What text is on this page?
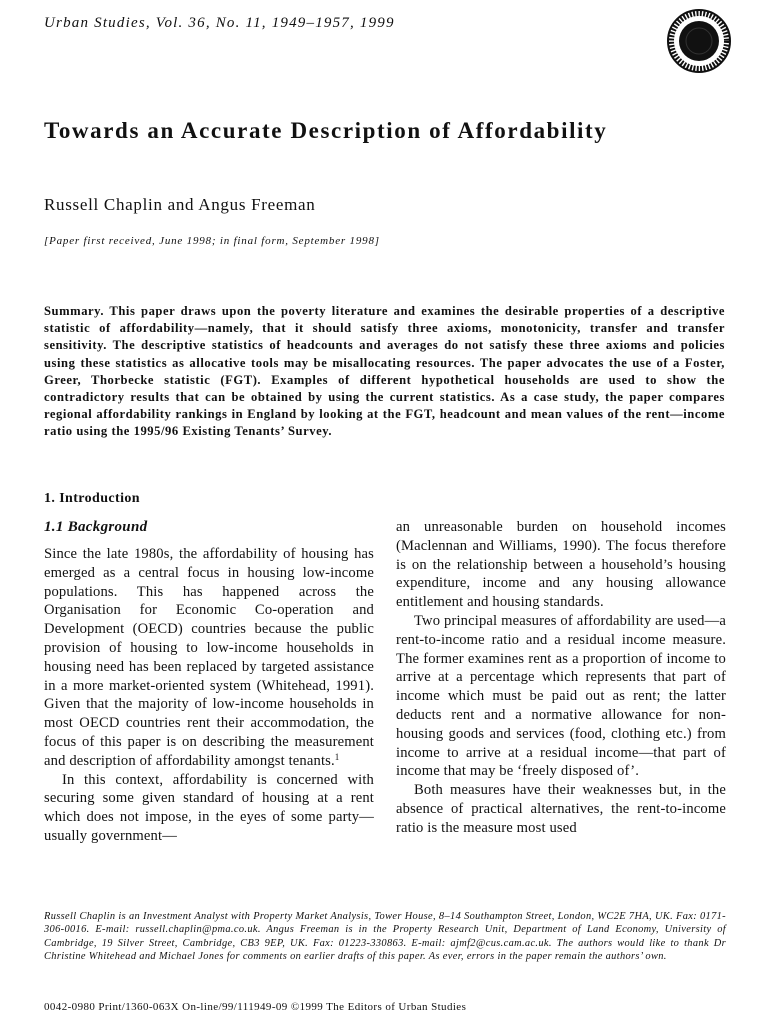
Urban Studies, Vol. 36, No. 11, 1949–1957, 1999
Towards an Accurate Description of Affordability
Russell Chaplin and Angus Freeman
[Paper first received, June 1998; in final form, September 1998]

Summary. This paper draws upon the poverty literature and examines the desirable properties of a descriptive statistic of affordability—namely, that it should satisfy three axioms, monotonicity, transfer and transfer sensitivity. The descriptive statistics of headcounts and averages do not satisfy these three axioms and policies using these statistics as allocative tools may be misallocating resources. The paper advocates the use of a Foster, Greer, Thorbecke statistic (FGT). Examples of different hypothetical households are used to show the contradictory results that can be obtained by using the current statistics. As a case study, the paper compares regional affordability rankings in England by looking at the FGT, headcount and mean values of the rent—income ratio using the 1995/96 Existing Tenants’ Survey.

1. Introduction
1.1 Background

Since the late 1980s, the affordability of housing has emerged as a central focus in housing low-income populations. This has happened across the Organisation for Economic Co-operation and Development (OECD) countries because the public provision of housing to low-income households in housing need has been replaced by targeted assistance in a more market-oriented system (Whitehead, 1991). Given that the majority of low-income households in most OECD countries rent their accommodation, the focus of this paper is on describing the measurement and description of affordability amongst tenants.$^1$

In this context, affordability is concerned with securing some given standard of housing at a rent which does not impose, in the eyes of some party—usually government—

an unreasonable burden on household incomes (Maclennan and Williams, 1990). The focus therefore is on the relationship between a household’s housing expenditure, income and any housing allowance entitlement and housing standards.

Two principal measures of affordability are used—a rent-to-income ratio and a residual income measure. The former examines rent as a proportion of income to arrive at a percentage which represents that part of income which must be paid out as rent; the latter deducts rent and a normative allowance for non-housing goods and services (food, clothing etc.) from income to arrive at a residual income—that part of income that may be ‘freely disposed of’.

Both measures have their weaknesses but, in the absence of practical alternatives, the rent-to-income ratio is the measure most used

Russell Chaplin is an Investment Analyst with Property Market Analysis, Tower House, 8–14 Southampton Street, London, WC2E 7HA, UK. Fax: 0171-306-0016. E-mail: russell.chaplin@pma.co.uk. Angus Freeman is in the Property Research Unit, Department of Land Economy, University of Cambridge, 19 Silver Street, Cambridge, CB3 9EP, UK. Fax: 01223-330863. E-mail: ajmf2@cus.cam.ac.uk. The authors would like to thank Dr Christine Whitehead and Michael Jones for comments on earlier drafts of this paper. As ever, errors in the paper remain the authors’ own.

0042-0980 Print/1360-063X On-line/99/111949-09 ©1999 The Editors of Urban Studies
